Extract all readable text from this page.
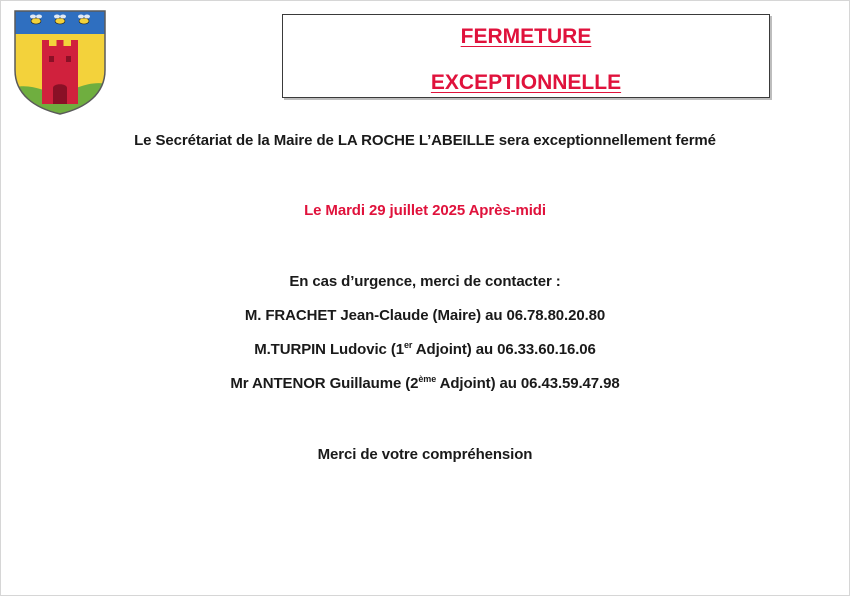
FERMETURE
EXCEPTIONNELLE
Le Secrétariat de la Maire de LA ROCHE L’ABEILLE sera exceptionnellement fermé
Le Mardi 29 juillet 2025 Après-midi
En cas d’urgence, merci de contacter :
M. FRACHET Jean-Claude (Maire) au 06.78.80.20.80
M.TURPIN Ludovic (1er Adjoint) au 06.33.60.16.06
Mr ANTENOR Guillaume (2ème Adjoint) au 06.43.59.47.98
Merci de votre compréhension
